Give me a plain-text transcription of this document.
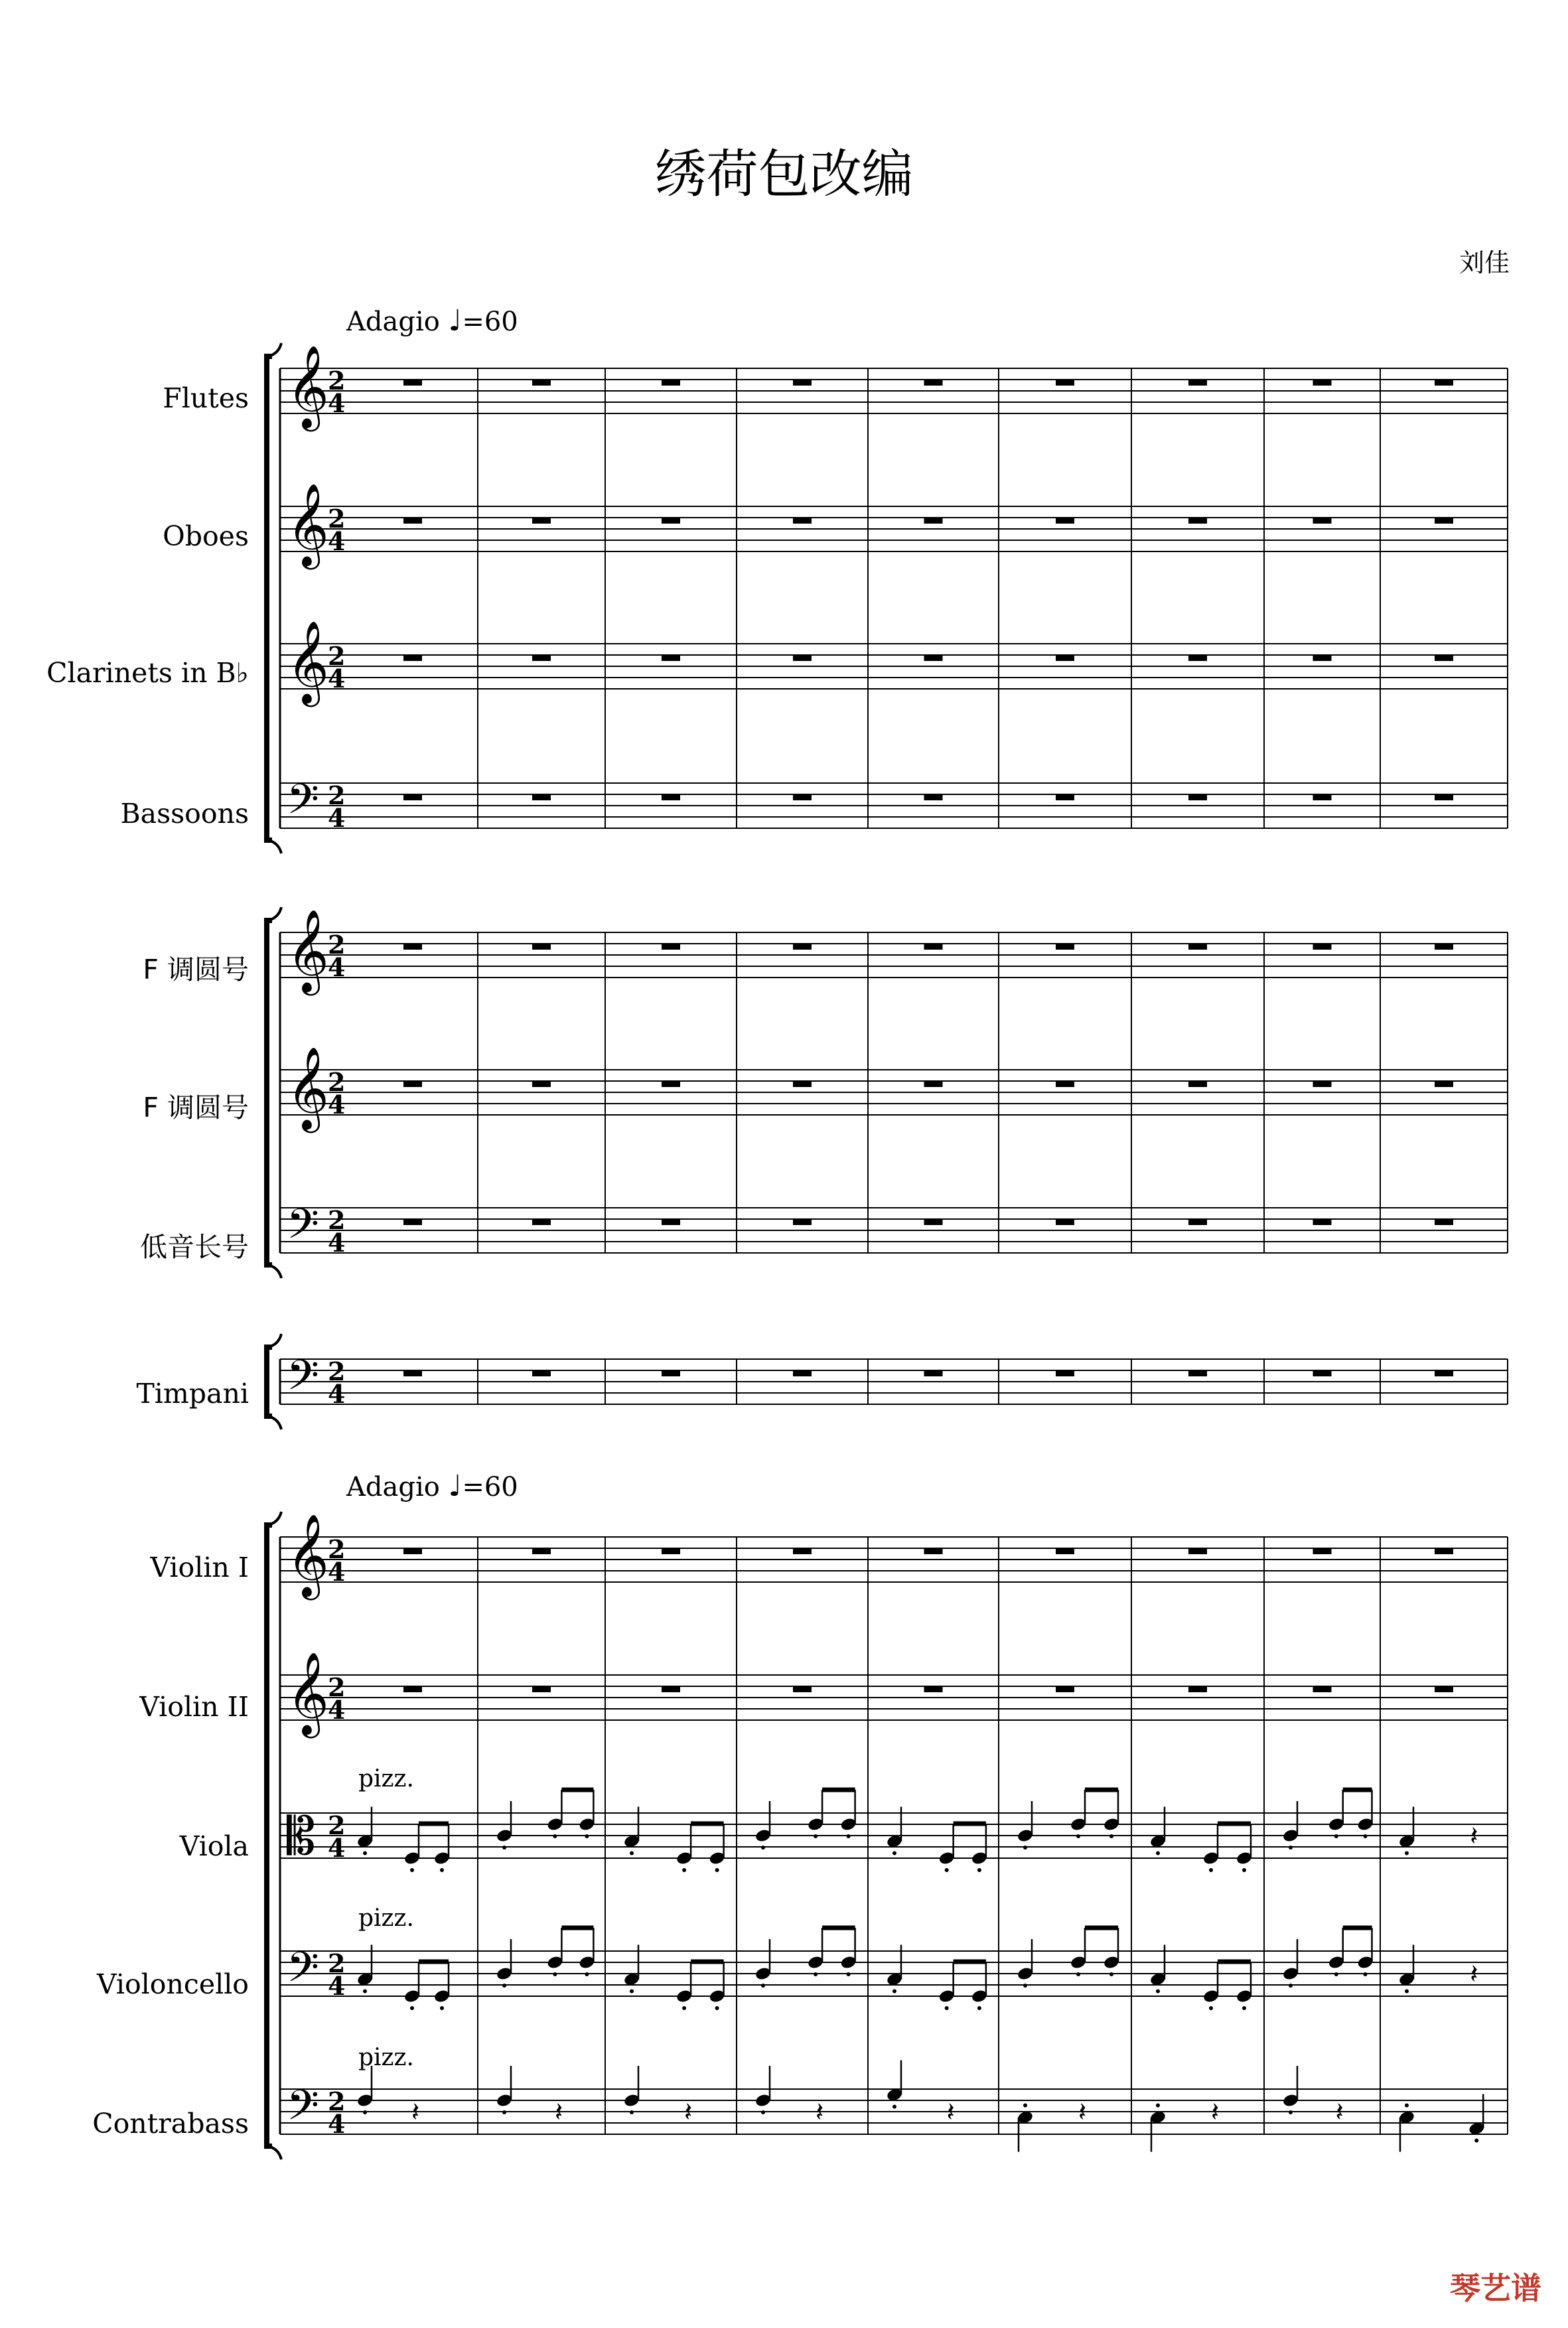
绣荷包改编
刘佳
Adagio ♩=60
Adagio ♩=60
Flutes
Oboes
Clarinets in B♭
Bassoons
F 调圆号
F 调圆号
低音长号
Timpani
Violin I
Violin II
Viola
Violoncello
Contrabass
pizz.
pizz.
pizz.
𝄞
2
4
𝄞
2
4
𝄞
2
4
𝄢 2
4
𝄞
2
4
𝄞
2
4
𝄢 2
4
𝄢 2
4
𝄞
2
4
𝄞
2
4
𝄡 2
4
𝄢 2
4
𝄢 2
4
𝄽
𝄽
𝄽	𝄽	𝄽	𝄽	𝄽	𝄽	𝄽	𝄽
琴艺谱
